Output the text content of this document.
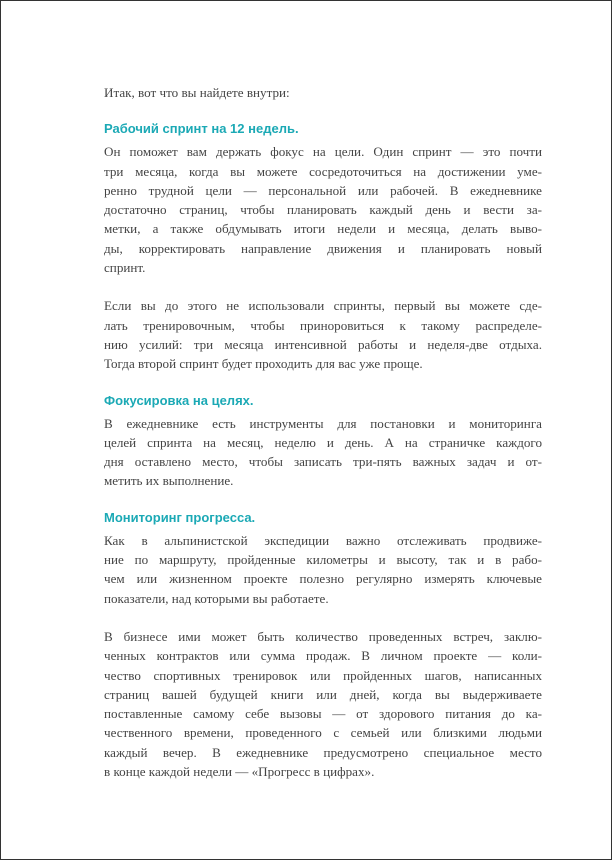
Итак, вот что вы найдете внутри:

Рабочий спринт на 12 недель.

Он поможет вам держать фокус на цели. Один спринт — это почти
три месяца, когда вы можете сосредоточиться на достижении уме-
ренно трудной цели — персональной или рабочей. В ежедневнике
достаточно страниц, чтобы планировать каждый день и вести за-
метки, а также обдумывать итоги недели и месяца, делать выво-
ды, корректировать направление движения и планировать новый
спринт.

Если вы до этого не использовали спринты, первый вы можете сде-
лать тренировочным, чтобы приноровиться к такому распределе-
нию усилий: три месяца интенсивной работы и неделя-две отдыха.
Тогда второй спринт будет проходить для вас уже проще.

Фокусировка на целях.

В ежедневнике есть инструменты для постановки и мониторинга
целей спринта на месяц, неделю и день. А на страничке каждого
дня оставлено место, чтобы записать три-пять важных задач и от-
метить их выполнение.

Мониторинг прогресса.

Как в альпинистской экспедиции важно отслеживать продвиже-
ние по маршруту, пройденные километры и высоту, так и в рабо-
чем или жизненном проекте полезно регулярно измерять ключевые
показатели, над которыми вы работаете.

В бизнесе ими может быть количество проведенных встреч, заклю-
ченных контрактов или сумма продаж. В личном проекте — коли-
чество спортивных тренировок или пройденных шагов, написанных
страниц вашей будущей книги или дней, когда вы выдерживаете
поставленные самому себе вызовы — от здорового питания до ка-
чественного времени, проведенного с семьей или близкими людьми
каждый вечер. В ежедневнике предусмотрено специальное место
в конце каждой недели — «Прогресс в цифрах».
